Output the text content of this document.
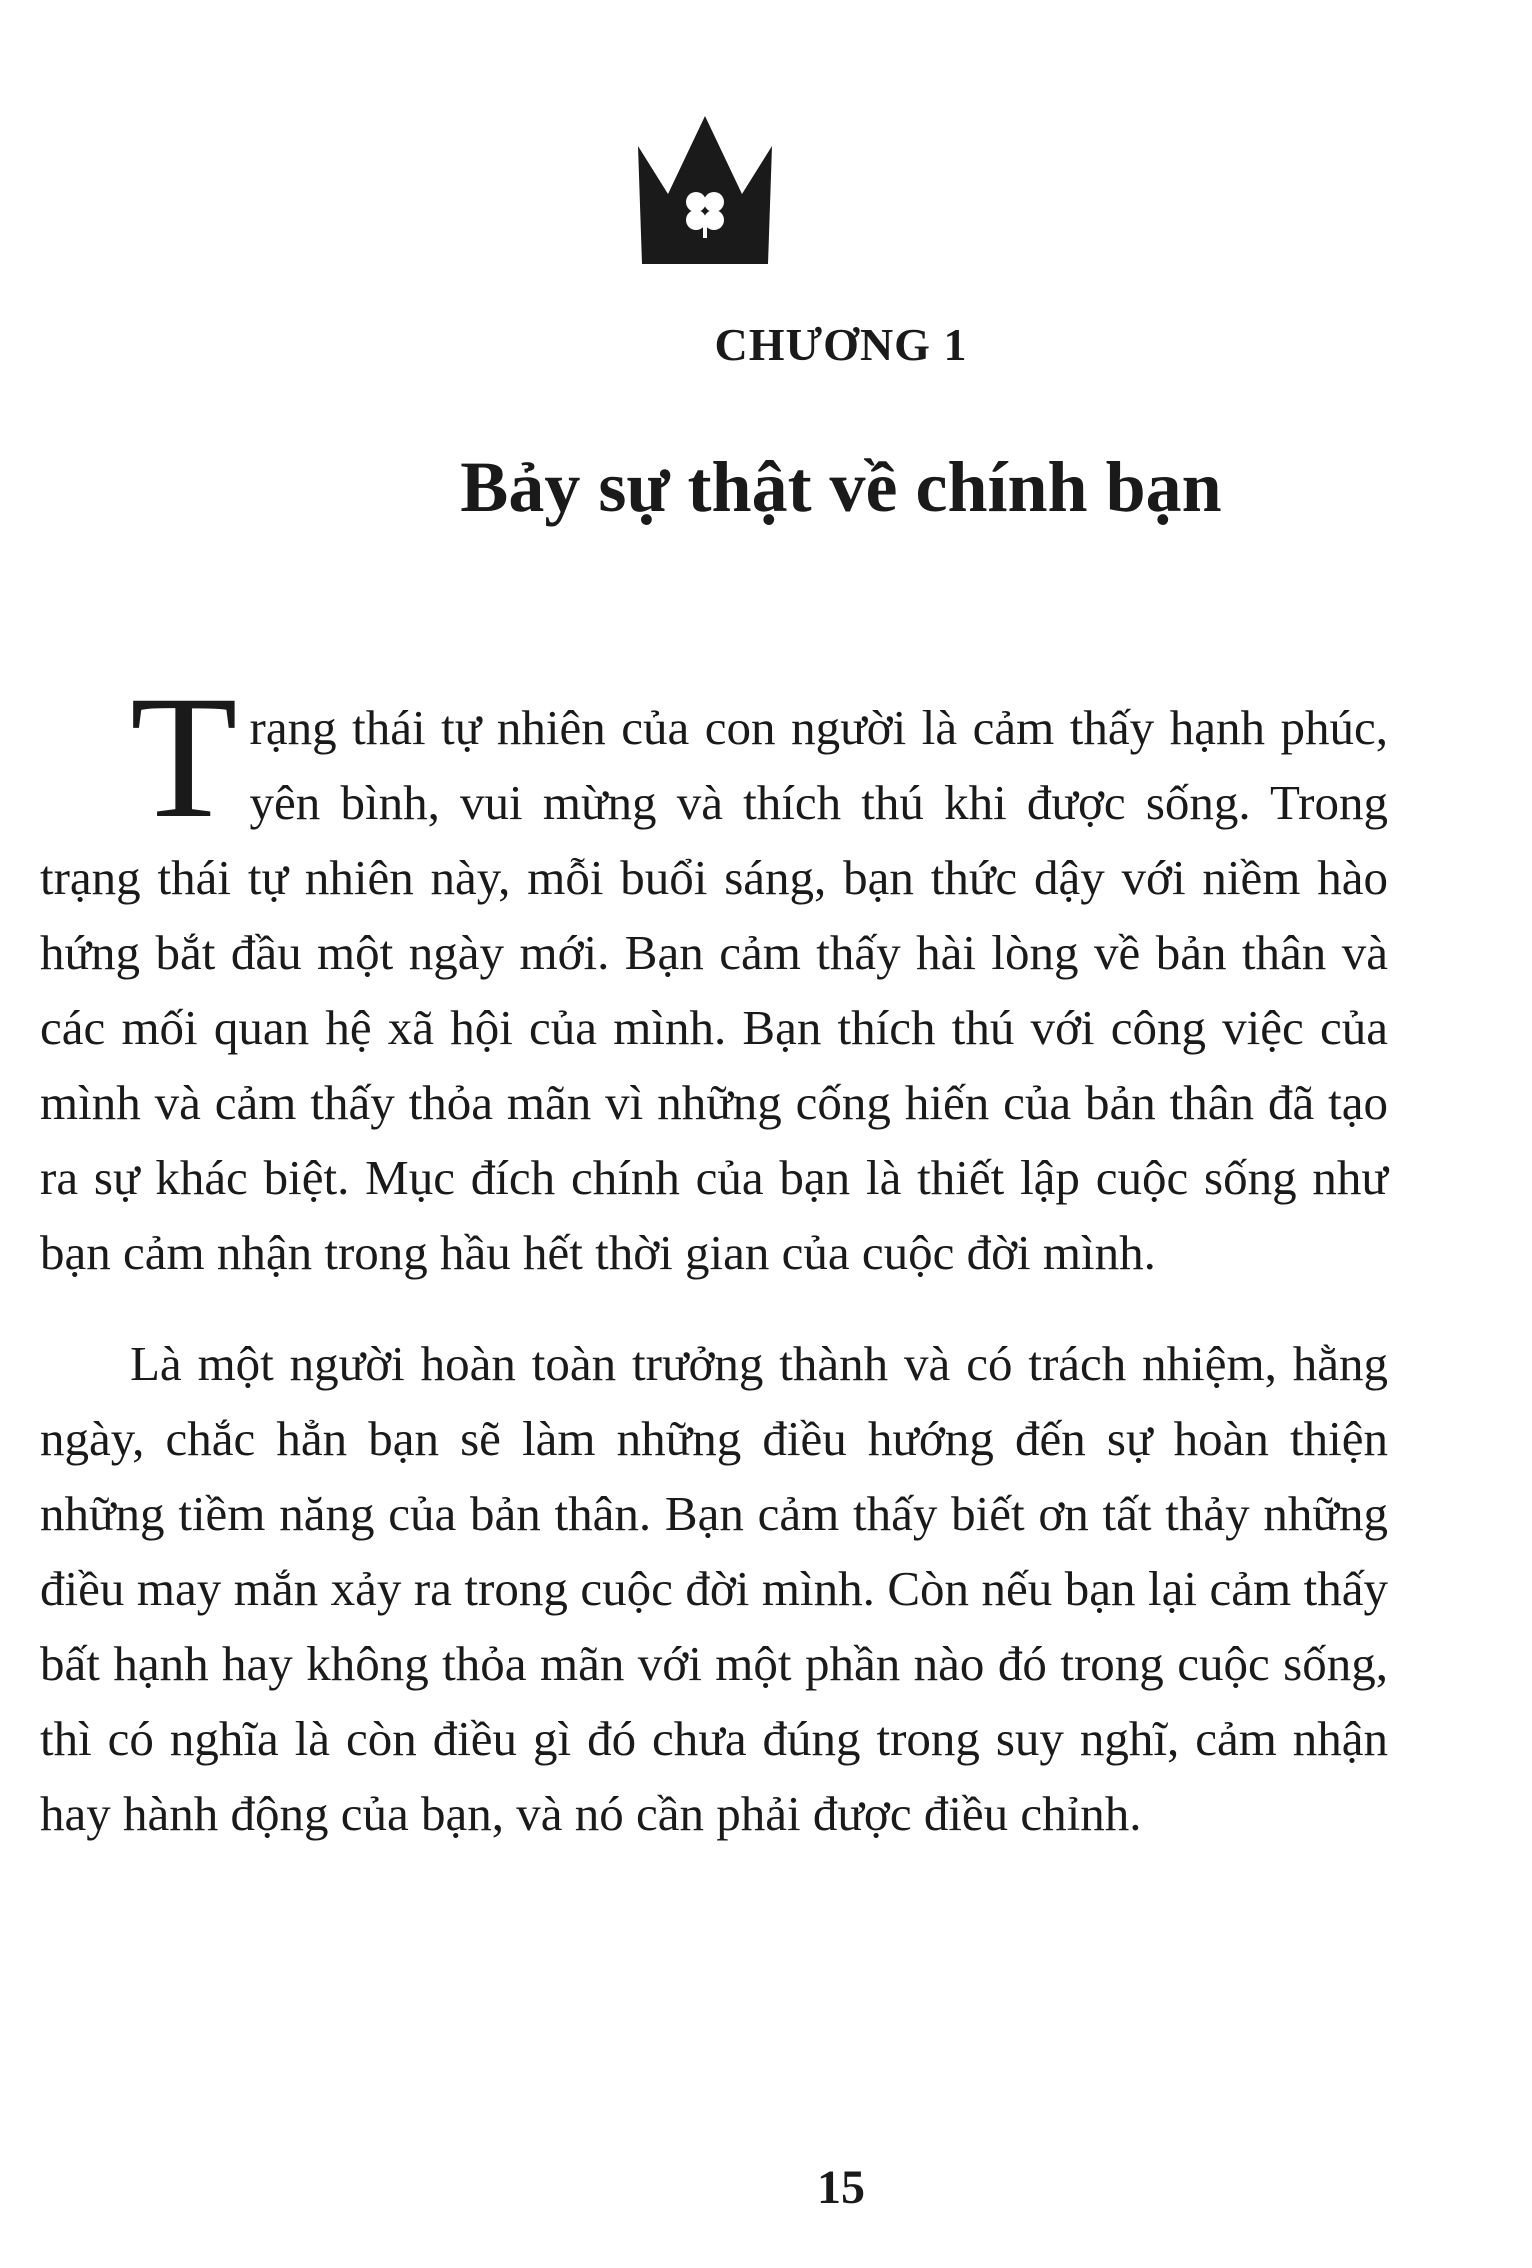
CHƯƠNG 1
Bảy sự thật về chính bạn

Trạng thái tự nhiên của con người là cảm thấy hạnh phúc, yên bình, vui mừng và thích thú khi được sống. Trong trạng thái tự nhiên này, mỗi buổi sáng, bạn thức dậy với niềm hào hứng bắt đầu một ngày mới. Bạn cảm thấy hài lòng về bản thân và các mối quan hệ xã hội của mình. Bạn thích thú với công việc của mình và cảm thấy thỏa mãn vì những cống hiến của bản thân đã tạo ra sự khác biệt. Mục đích chính của bạn là thiết lập cuộc sống như bạn cảm nhận trong hầu hết thời gian của cuộc đời mình.

Là một người hoàn toàn trưởng thành và có trách nhiệm, hằng ngày, chắc hẳn bạn sẽ làm những điều hướng đến sự hoàn thiện những tiềm năng của bản thân. Bạn cảm thấy biết ơn tất thảy những điều may mắn xảy ra trong cuộc đời mình. Còn nếu bạn lại cảm thấy bất hạnh hay không thỏa mãn với một phần nào đó trong cuộc sống, thì có nghĩa là còn điều gì đó chưa đúng trong suy nghĩ, cảm nhận hay hành động của bạn, và nó cần phải được điều chỉnh.

15
